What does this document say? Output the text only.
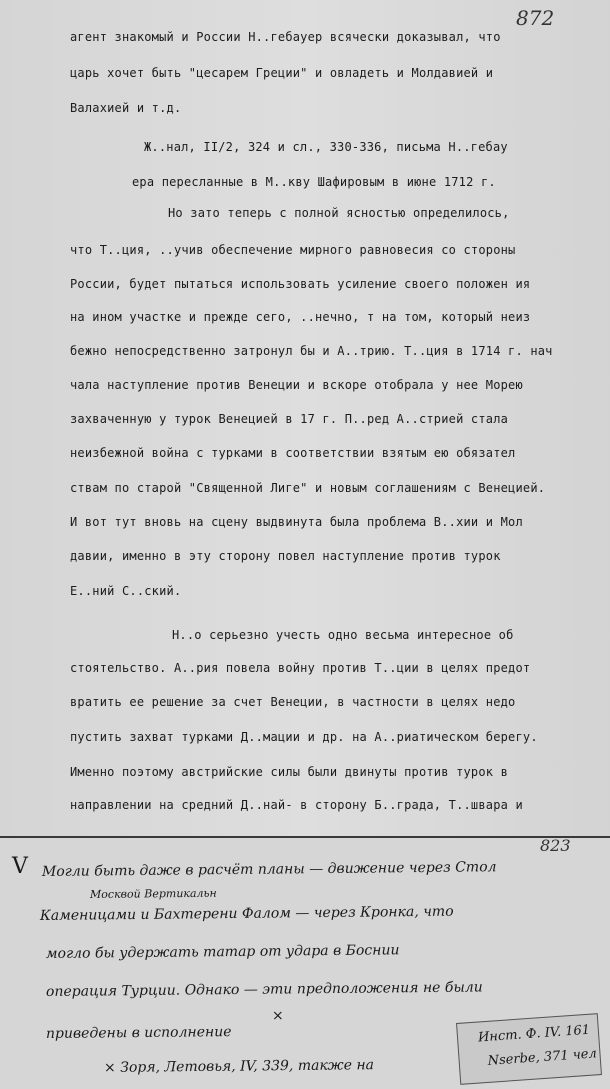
872
агент знакомый и России Н..гебауер всячески доказывал, что
царь хочет быть "цесарем Греции" и овладеть и Молдавией и
Валахией и т.д.
Ж..нал, II/2, 324 и сл., 330-336, письма Н..гебау
ера пересланные в М..кву Шафировым в июне 1712 г.
Но зато теперь с полной ясностью определилось,
что Т..ция, ..учив обеспечение мирного равновесия со стороны
России, будет пытаться использовать усиление своего положен ия
на ином участке и прежде сего, ..нечно, т на том, который неиз
бежно непосредственно затронул бы и А..трию. Т..ция в 1714 г. нач
чала наступление против Венеции и вскоре отобрала у нее Морею
захваченную у турок Венецией в 17 г. П..ред А..стрией стала
неизбежной война с турками в соответствии взятым ею обязател
ствам по старой "Священной Лиге" и новым соглашениям с Венецией.
И вот тут вновь на сцену выдвинута была проблема В..хии и Мол
давии, именно в эту сторону повел наступление против турок
Е..ний С..ский.
Н..о серьезно учесть одно весьма интересное об
стоятельство. А..рия повела войну против Т..ции в целях предот
вратить ее решение за счет Венеции, в частности в целях недо
пустить захват турками Д..мации и др. на А..риатическом берегу.
Именно поэтому австрийские силы были двинуты против турок в
направлении на средний Д..най- в сторону Б..града, Т..швара и
823
V Могли быть даже в расчёт планы — движение через Стол
Москвой Вертикальн
Каменицами и Бахтерени Фалом — через Кронка, что
могло бы удержать татар от удара в Боснии
операция Турции. Однако — эти предположения не были
×
приведены в исполнение
× Зоря, Летовья, IV, 339, также на
Инст. Ф. IV. 161
Nserbe, 371 чел
